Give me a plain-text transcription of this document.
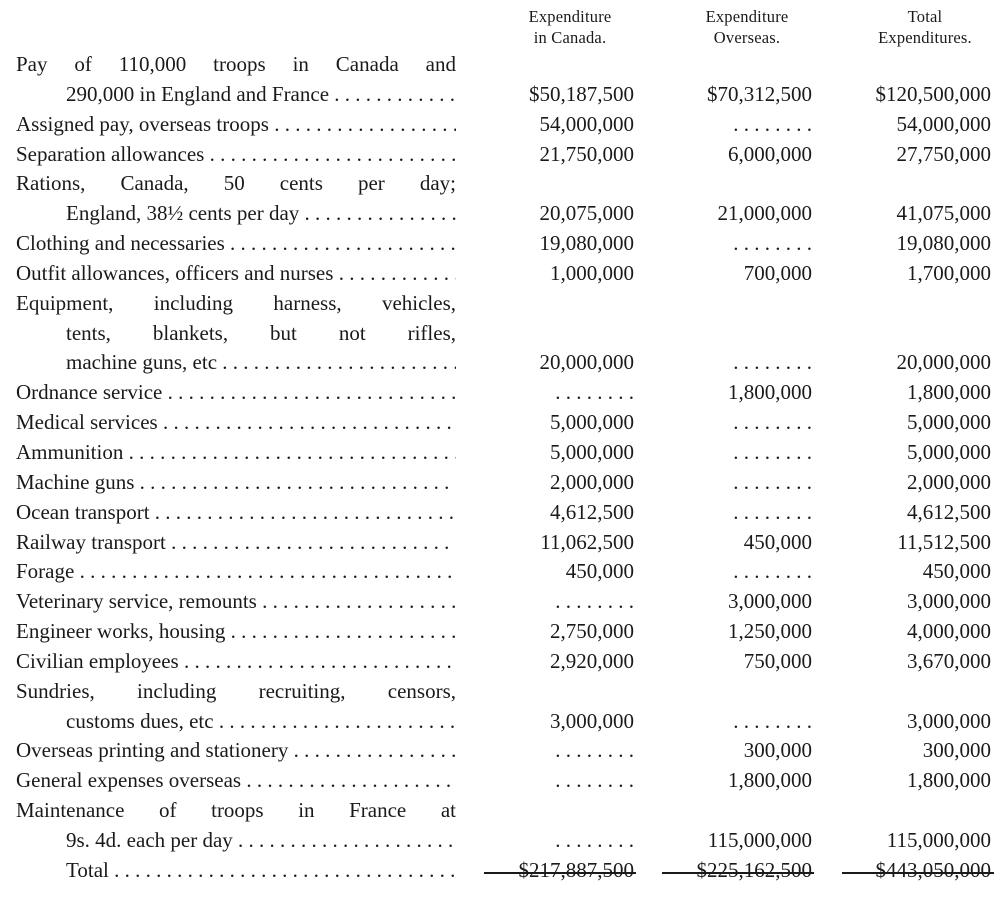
Expenditure
in Canada.
Expenditure
Overseas.
Total
Expenditures.
Pay of 110,000 troops in Canada and
290,000 in England and France . . .	$50,187,500	$70,312,500	$120,500,000
Assigned pay, overseas troops . . .	54,000,000	. . . . . . . .	54,000,000
Separation allowances . . .	21,750,000	6,000,000	27,750,000
Rations, Canada, 50 cents per day;
England, 38½ cents per day . . .	20,075,000	21,000,000	41,075,000
Clothing and necessaries . . .	19,080,000	. . . . . . . .	19,080,000
Outfit allowances, officers and nurses . . .	1,000,000	700,000	1,700,000
Equipment, including harness, vehicles,
tents, blankets, but not rifles,
machine guns, etc . . .	20,000,000	. . . . . . . .	20,000,000
Ordnance service . . .	. . . . . . . .	1,800,000	1,800,000
Medical services . . .	5,000,000	. . . . . . . .	5,000,000
Ammunition . . .	5,000,000	. . . . . . . .	5,000,000
Machine guns . . .	2,000,000	. . . . . . . .	2,000,000
Ocean transport . . .	4,612,500	. . . . . . . .	4,612,500
Railway transport . . .	11,062,500	450,000	11,512,500
Forage . . .	450,000	. . . . . . . .	450,000
Veterinary service, remounts . . .	. . . . . . . .	3,000,000	3,000,000
Engineer works, housing . . .	2,750,000	1,250,000	4,000,000
Civilian employees . . .	2,920,000	750,000	3,670,000
Sundries, including recruiting, censors,
customs dues, etc . . .	3,000,000	. . . . . . . .	3,000,000
Overseas printing and stationery . . .	. . . . . . . .	300,000	300,000
General expenses overseas . . .	. . . . . . . .	1,800,000	1,800,000
Maintenance of troops in France at
9s. 4d. each per day . . .	. . . . . . . .	115,000,000	115,000,000
Total . . .	$217,887,500	$225,162,500	$443,050,000
